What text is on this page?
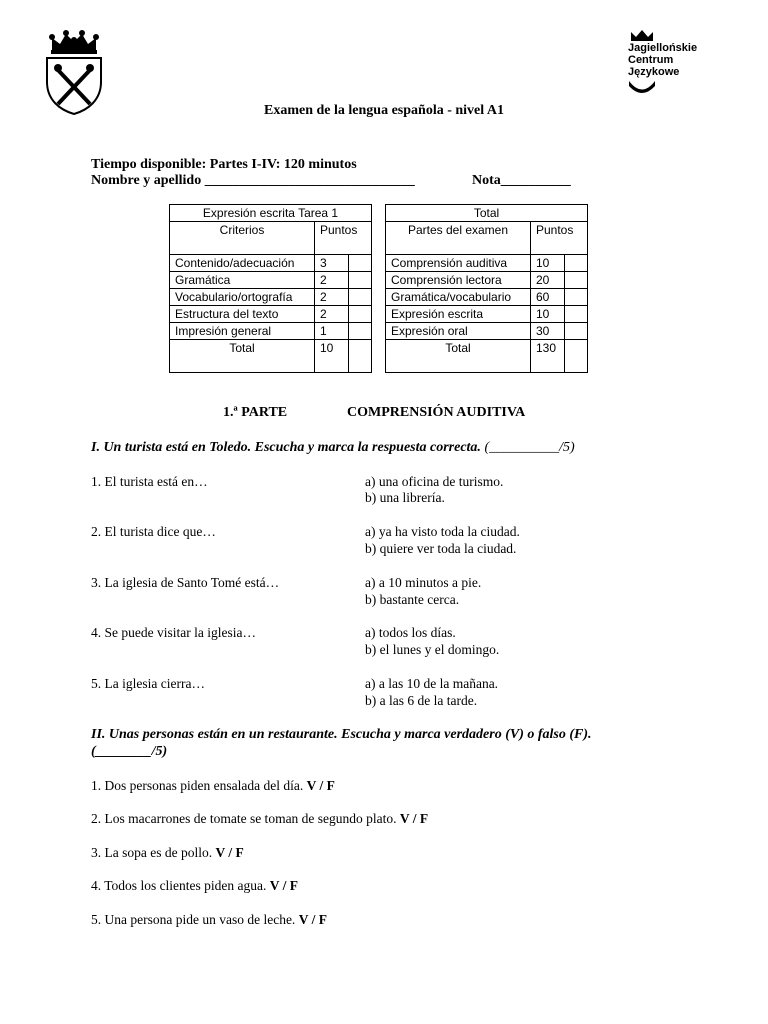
Jagiellońskie
Centrum
Językowe
Examen de la lengua española - nivel A1
Tiempo disponible: Partes I-IV: 120 minutos
Nombre y apellido ______________________________	Nota__________
Expresión escrita Tarea 1		
Criterios	Puntos	
Contenido/adecuación	3	
Gramática	2	
Vocabulario/ortografía	2	
Estructura del texto	2	
Impresión general	1	
Total	10	
Total		
Partes del examen	Puntos	
Comprensión auditiva	10	
Comprensión lectora	20	
Gramática/vocabulario	60	
Expresión escrita	10	
Expresión oral	30	
Total	130	
1.ª PARTE	COMPRENSIÓN AUDITIVA
I. Un turista está en Toledo. Escucha y marca la respuesta correcta. (__________/5)
1. El turista está en…	a) una oficina de turismo.
b) una librería.
2. El turista dice que…	a) ya ha visto toda la ciudad.
b) quiere ver toda la ciudad.
3. La iglesia de Santo Tomé está…	a) a 10 minutos a pie.
b) bastante cerca.
4. Se puede visitar la iglesia…	a) todos los días.
b) el lunes y el domingo.
5. La iglesia cierra…	a) a las 10 de la mañana.
b) a las 6 de la tarde.
II. Unas personas están en un restaurante. Escucha y marca verdadero (V) o falso (F).
(________/5)
1. Dos personas piden ensalada del día. V / F
2. Los macarrones de tomate se toman de segundo plato. V / F
3. La sopa es de pollo. V / F
4. Todos los clientes piden agua. V / F
5. Una persona pide un vaso de leche. V / F
